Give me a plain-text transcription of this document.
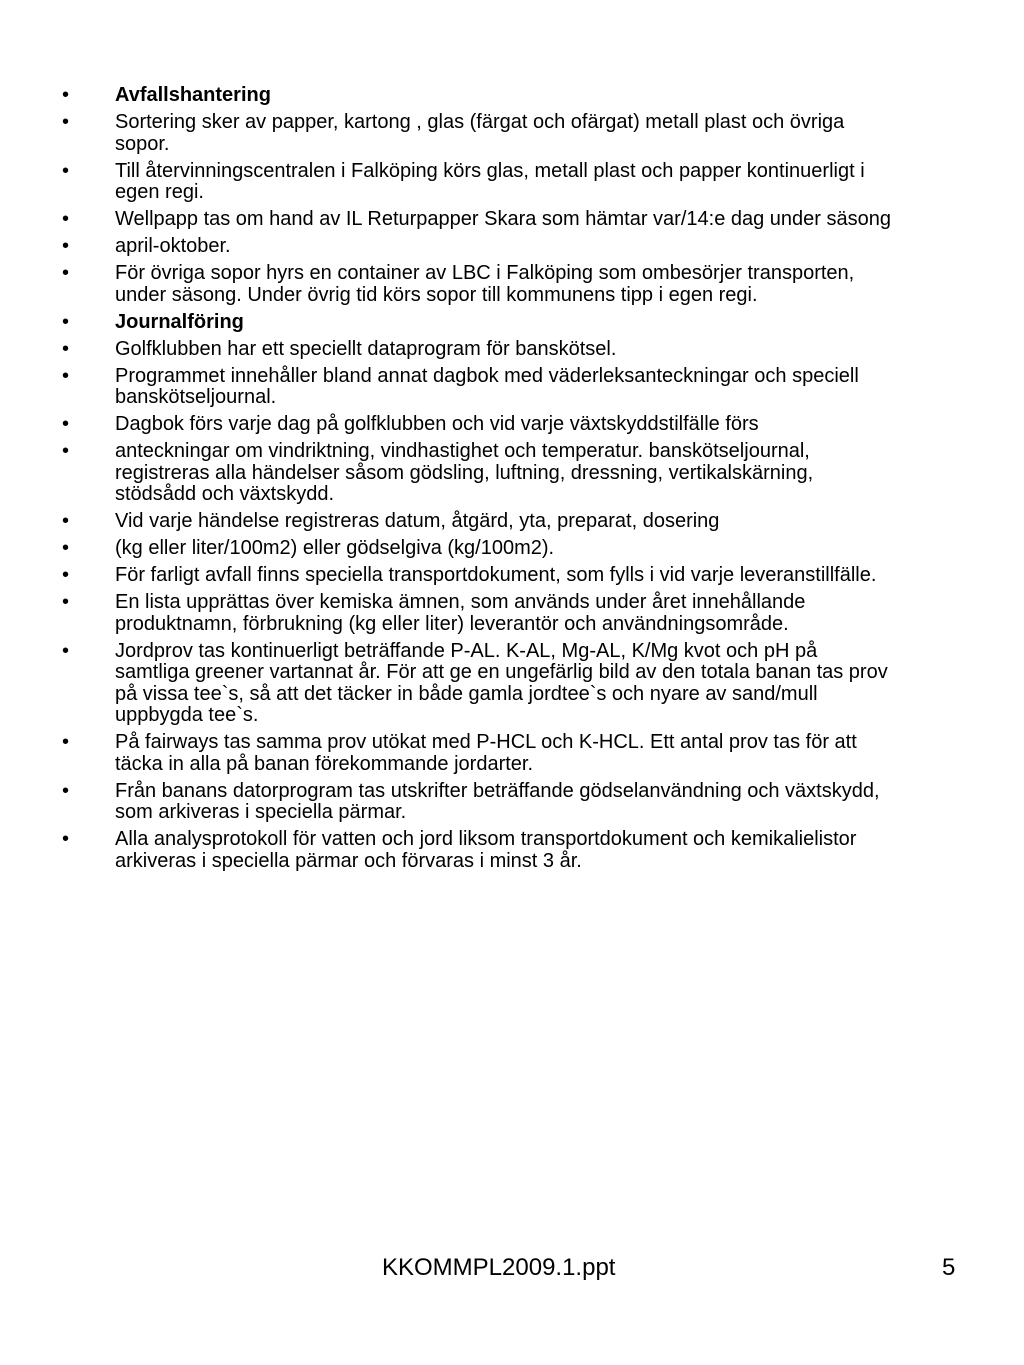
•	Avfallshantering
•	Sortering sker av papper, kartong , glas (färgat och ofärgat) metall plast och övriga sopor.
•	Till återvinningscentralen i Falköping körs glas, metall plast och papper kontinuerligt i egen regi.
•	Wellpapp tas om hand av IL Returpapper Skara som hämtar var/14:e dag under säsong
•	april-oktober.
•	För övriga sopor hyrs en container av LBC i Falköping som ombesörjer transporten, under säsong. Under övrig tid körs sopor till kommunens tipp i egen regi.
•	Journalföring
•	Golfklubben har ett speciellt dataprogram för banskötsel.
•	Programmet innehåller bland annat dagbok med väderleksanteckningar och speciell banskötseljournal.
•	Dagbok förs varje dag på golfklubben och vid varje växtskyddstilfälle förs
•	anteckningar om vindriktning, vindhastighet och temperatur. banskötseljournal, registreras alla händelser såsom gödsling, luftning, dressning, vertikalskärning, stödsådd och växtskydd.
•	Vid varje händelse registreras datum, åtgärd, yta, preparat, dosering
•	(kg eller liter/100m2) eller gödselgiva (kg/100m2).
•	För farligt avfall finns speciella transportdokument, som fylls i vid varje leveranstillfälle.
•	En lista upprättas över kemiska ämnen, som används under året innehållande produktnamn, förbrukning (kg eller liter) leverantör och användningsområde.
•	Jordprov tas kontinuerligt beträffande P-AL. K-AL, Mg-AL, K/Mg kvot och pH på samtliga greener vartannat år. För att ge en ungefärlig bild av den totala banan tas prov på vissa tee`s, så att det täcker in både gamla jordtee`s och nyare av sand/mull uppbygda tee`s.
•	På fairways tas samma prov utökat med P-HCL och K-HCL. Ett antal prov tas för att täcka in alla på banan förekommande jordarter.
•	Från banans datorprogram tas utskrifter beträffande gödselanvändning och växtskydd, som arkiveras i speciella pärmar.
•	Alla analysprotokoll för vatten och jord liksom transportdokument och kemikalielistor arkiveras i speciella pärmar och förvaras i minst 3 år.
KKOMMPL2009.1.ppt	5
